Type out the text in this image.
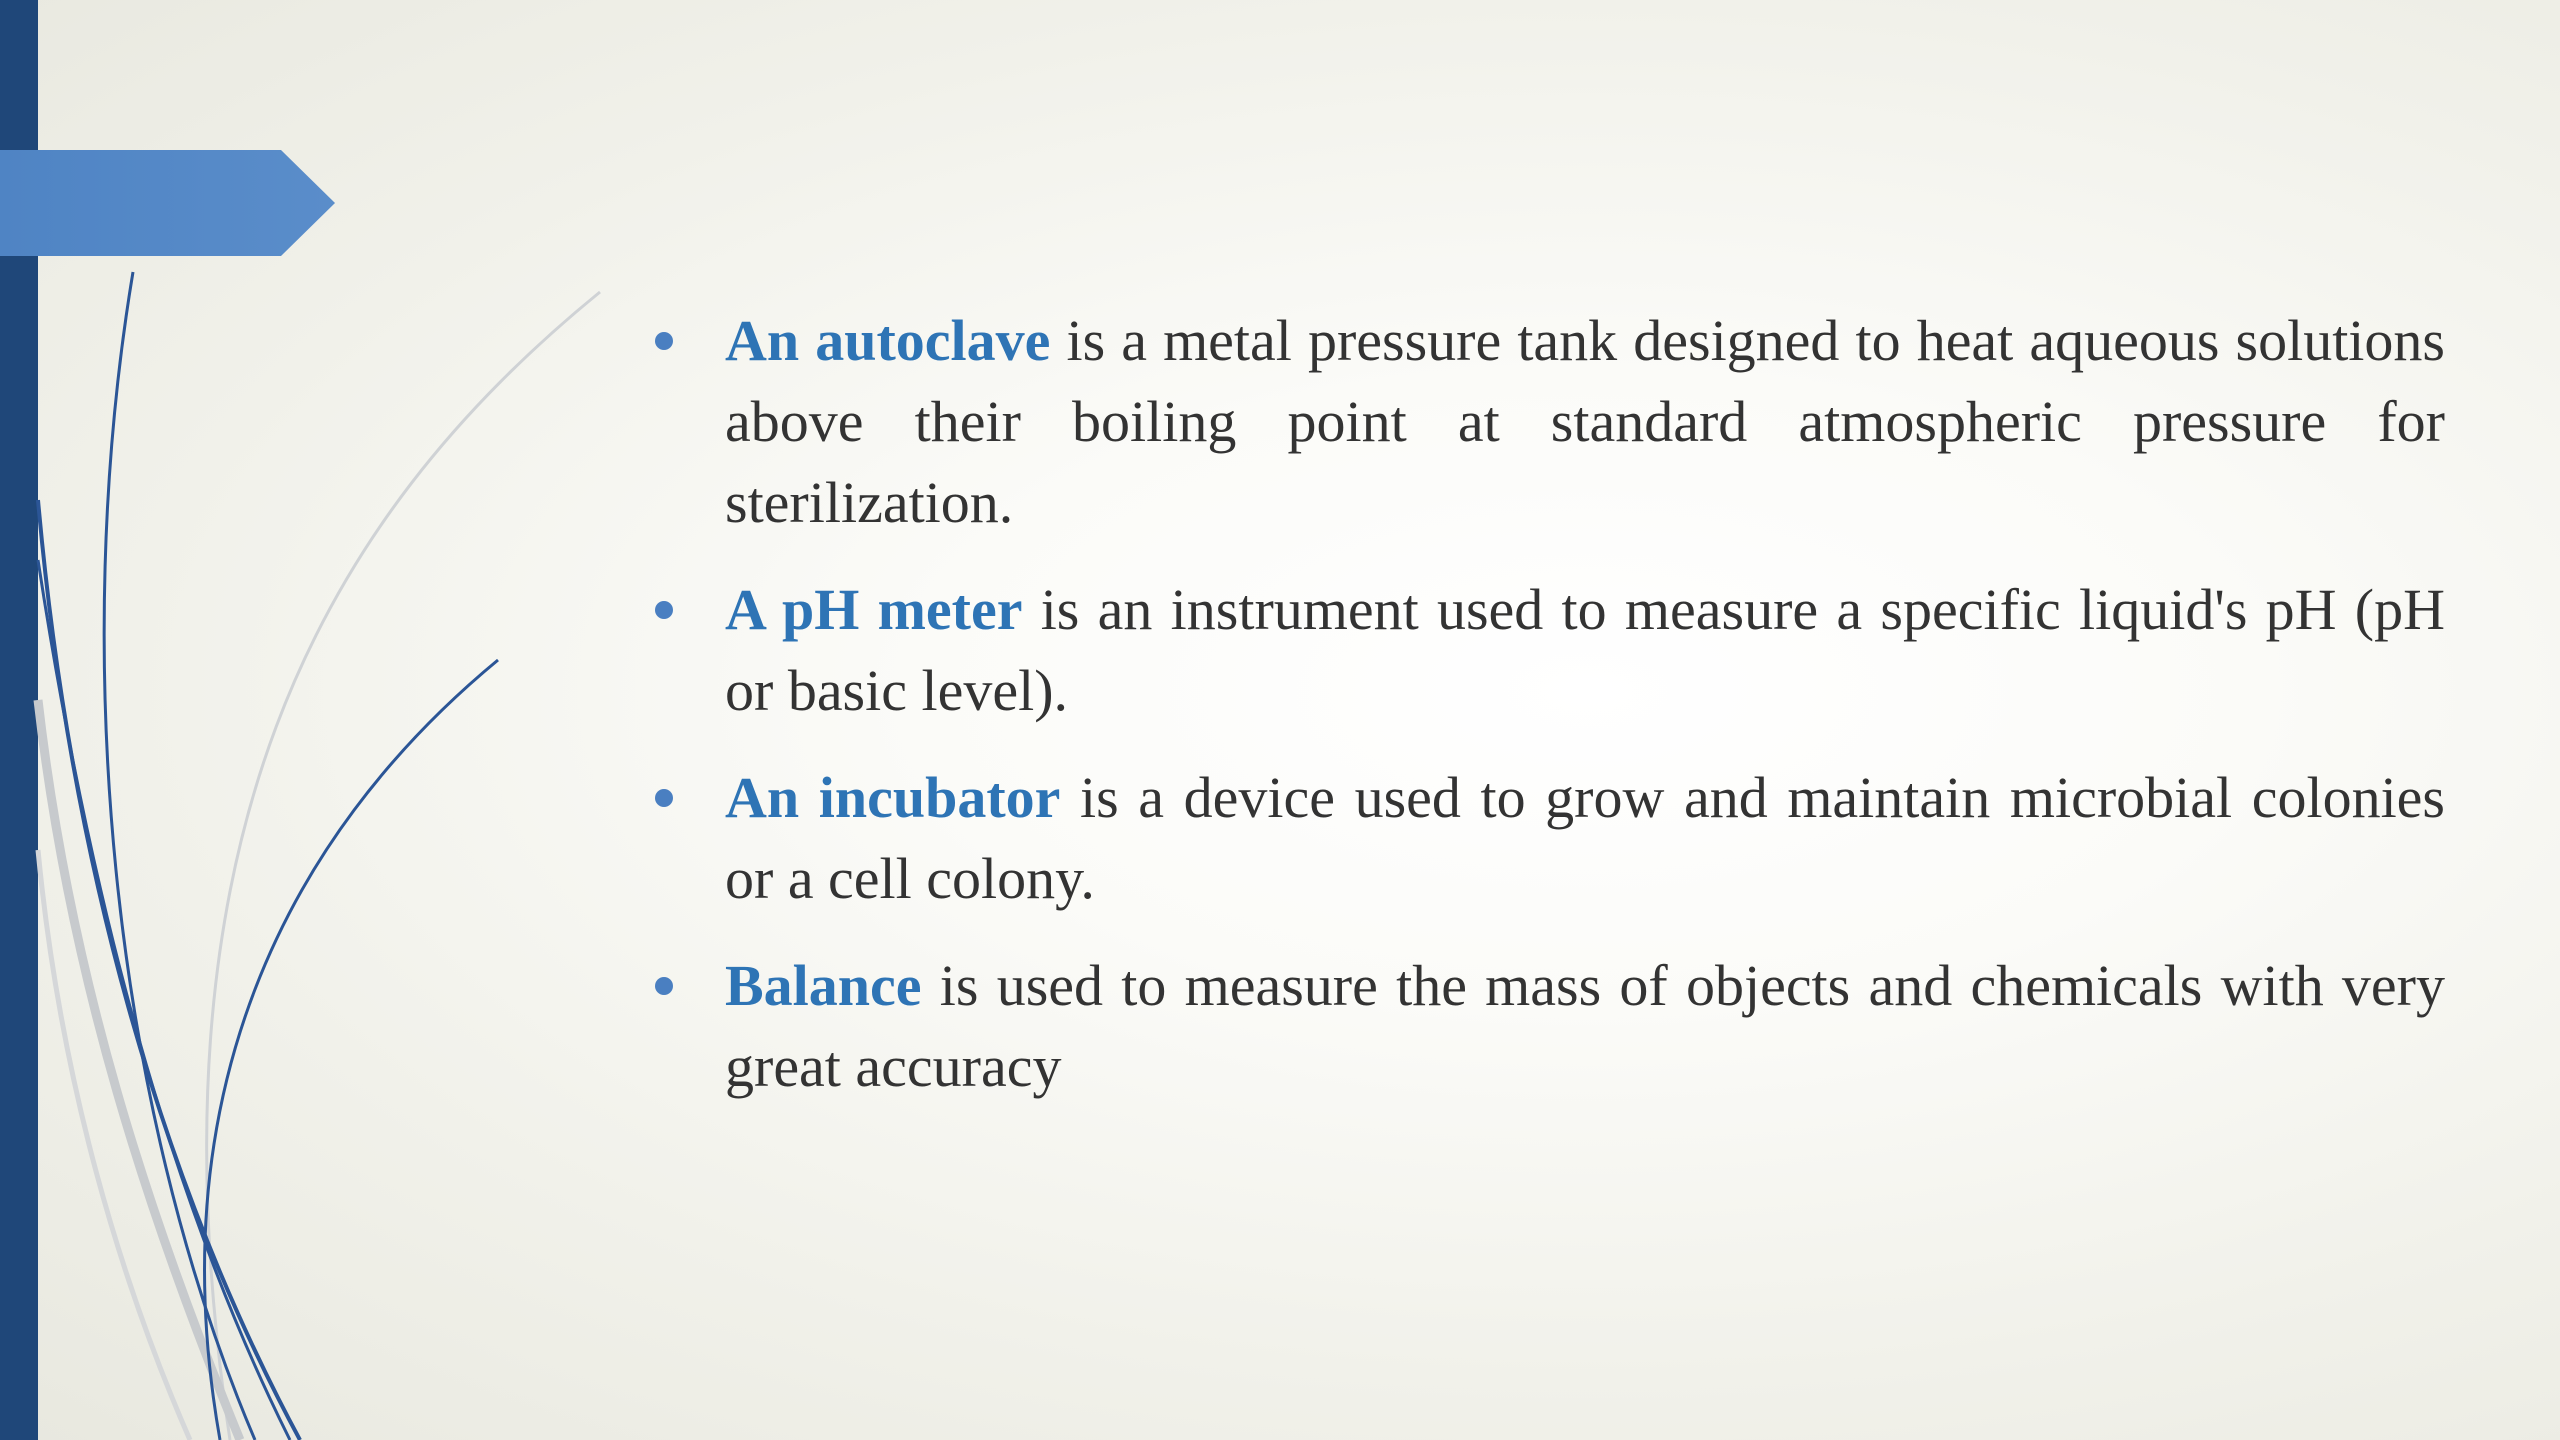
An autoclave is a metal pressure tank designed to heat aqueous solutions above their boiling point at standard atmospheric pressure for sterilization.
A pH meter is an instrument used to measure a specific liquid's pH (pH or basic level).
An incubator is a device used to grow and maintain microbial colonies or a cell colony.
Balance is used to measure the mass of objects and chemicals with very great accuracy
